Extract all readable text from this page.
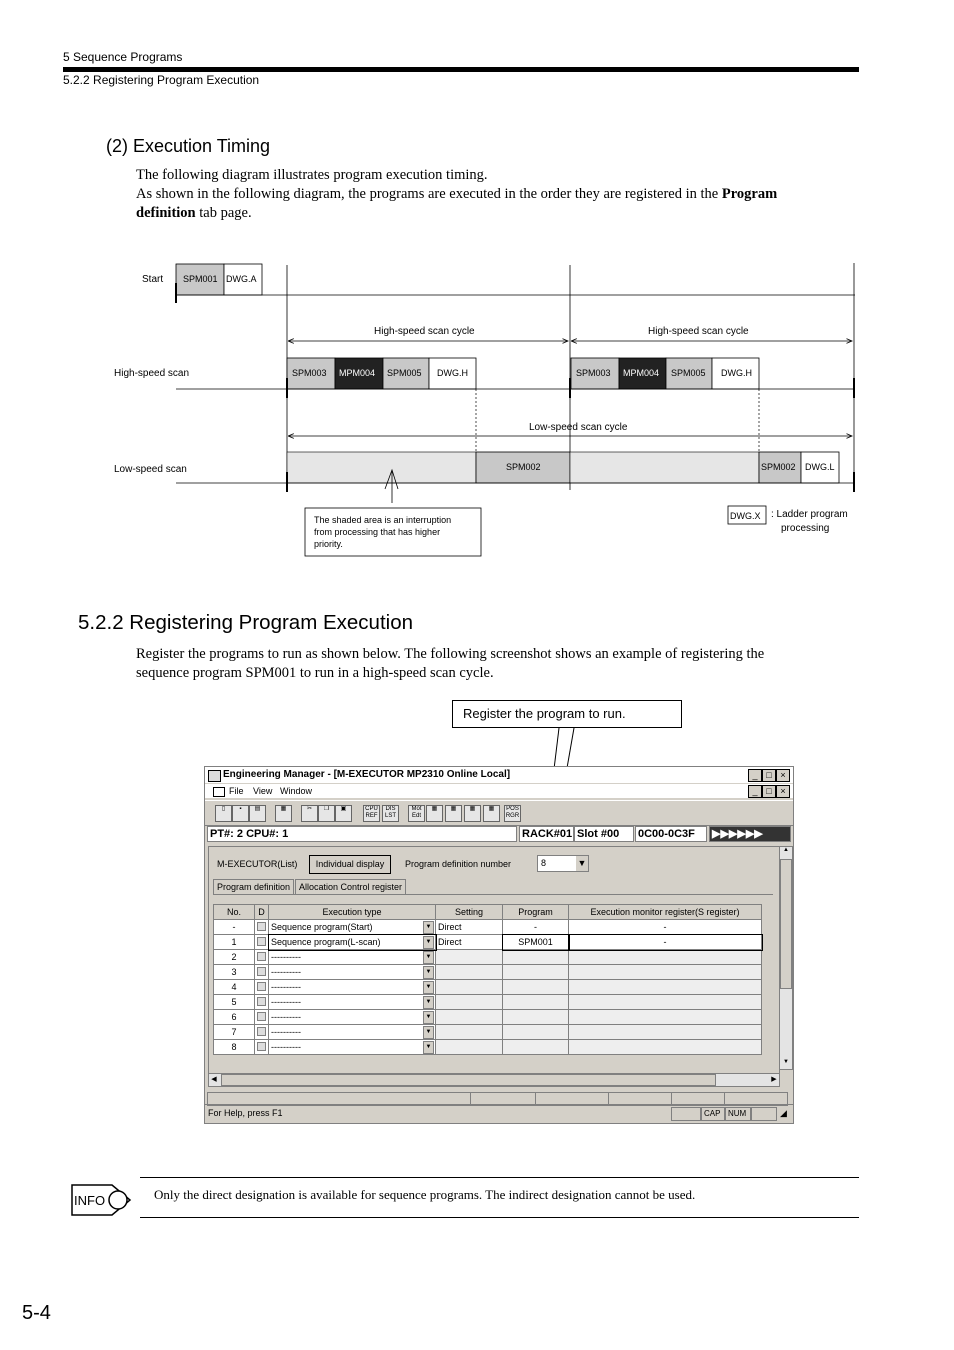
5 Sequence Programs
5.2.2 Registering Program Execution
(2) Execution Timing
The following diagram illustrates program execution timing.
As shown in the following diagram, the programs are executed in the order they are registered in the Program
definition tab page.
Start SPM001 DWG.A
High-speed scan cycle	High-speed scan cycle
High-speed scan	SPM003 MPM004 SPM005 DWG.H	SPM003 MPM004 SPM005 DWG.H
Low-speed scan cycle
Low-speed scan	SPM002	SPM002 DWG.L
The shaded area is an interruption
from processing that has higher
priority.
DWG.X : Ladder program
processing
5.2.2 Registering Program Execution
Register the programs to run as shown below. The following screenshot shows an example of registering the
sequence program SPM001 to run in a high-speed scan cycle.
Register the program to run.
Engineering Manager - [M-EXECUTOR MP2310 Online Local]	_ □ ×
File View Window	_ □ ×
▯	▪	▤	▦	✂	❐	▣	CPU REF
DIS LST
Mot Edt
▦	▦	▦	▦	POS RGR
PT#: 2 CPU#: 1	RACK#01 Slot #00	0C00-0C3F	▶▶▶▶▶▶
M-EXECUTOR(List)	Individual display	Program definition number	8	▼
Program definition Allocation Control register
No.	D	Execution type	Setting	Program	Execution monitor register(S register)
-		Sequence program(Start) ▼	Direct	-	-
1		Sequence program(L-scan) ▼	Direct	SPM001	-
2		---------- ▼			

3		---------- ▼			

4		---------- ▼			

5		---------- ▼			

6		---------- ▼			

7		---------- ▼			

8		---------- ▼			

▲
▼
◀	▶
For Help, press F1	CAP NUM	◢
INFO	Only the direct designation is available for sequence programs. The indirect designation cannot be used.
5-4
